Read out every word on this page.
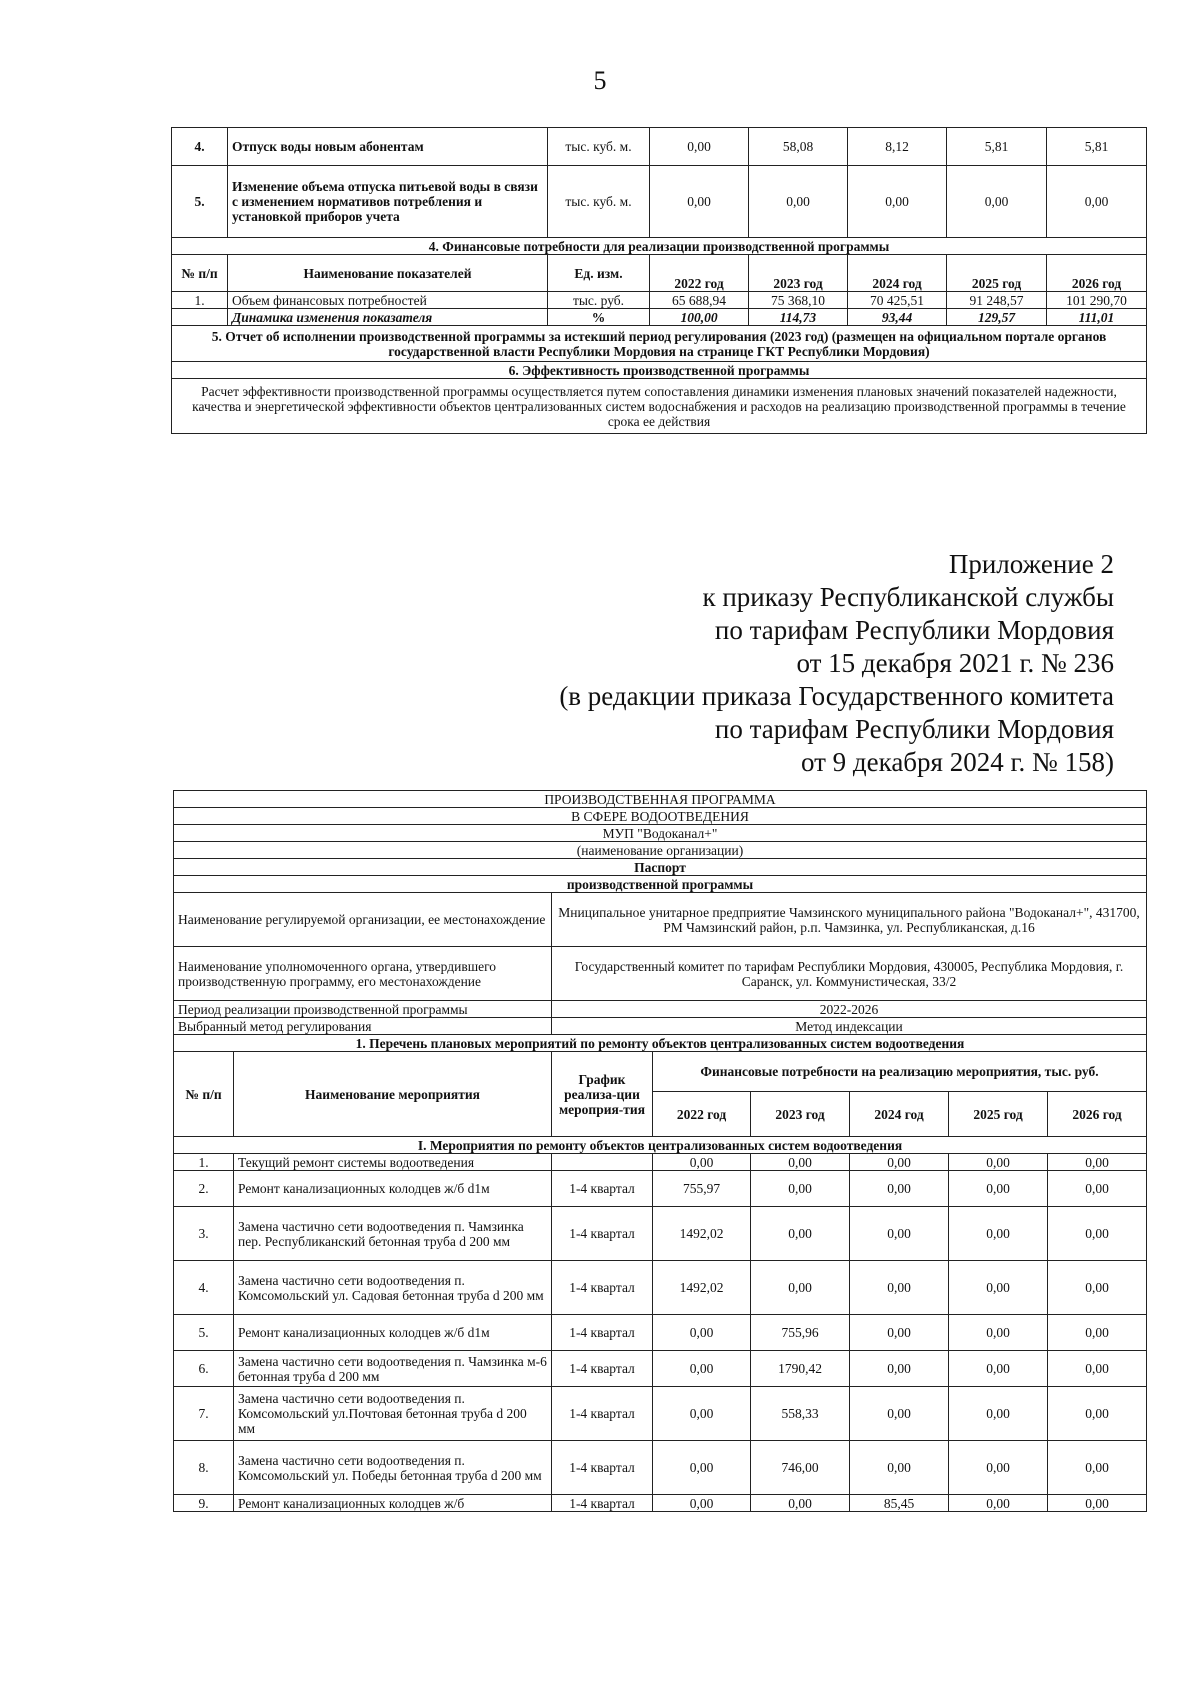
5
4.	Отпуск воды новым абонентам	тыс. куб. м.	0,00	58,08	8,12	5,81	5,81
5.	Изменение объема отпуска питьевой воды в связи с изменением нормативов потребления и установкой приборов учета	тыс. куб. м.	0,00	0,00	0,00	0,00	0,00
4. Финансовые потребности для реализации производственной программы							
№ п/п	Наименование показателей	Ед. изм.	2022 год	2023 год	2024 год	2025 год	2026 год
1.	Объем финансовых потребностей	тыс. руб.	65 688,94	75 368,10	70 425,51	91 248,57	101 290,70
	Динамика изменения показателя	%	100,00	114,73	93,44	129,57	111,01
5. Отчет об исполнении производственной программы за истекший период регулирования (2023 год) (размещен на официальном портале органов государственной власти Республики Мордовия на странице ГКТ Республики Мордовия)							
6. Эффективность производственной программы							
Расчет эффективности производственной программы осуществляется путем сопоставления динамики изменения плановых значений показателей надежности, качества и энергетической эффективности объектов централизованных систем водоснабжения и расходов на реализацию производственной программы в течение срока ее действия							
Приложение 2
к приказу Республиканской службы
по тарифам Республики Мордовия
от 15 декабря 2021 г. № 236
(в редакции приказа Государственного комитета
по тарифам Республики Мордовия
от 9 декабря 2024 г. № 158)
ПРОИЗВОДСТВЕННАЯ ПРОГРАММА							
В СФЕРЕ ВОДООТВЕДЕНИЯ							
МУП "Водоканал+"							
(наименование организации)							
Паспорт							
производственной программы							
Наименование регулируемой организации, ее местонахождение		Мниципальное унитарное предприятие Чамзинского муниципального района "Водоканал+", 431700, РМ Чамзинский район, р.п. Чамзинка, ул. Республиканская, д.16					
Наименование уполномоченного органа, утвердившего производственную программу, его местонахождение		Государственный комитет по тарифам Республики Мордовия, 430005, Республика Мордовия, г. Саранск, ул. Коммунистическая, 33/2					
Период реализации производственной программы		2022-2026					
Выбранный метод регулирования		Метод индексации					
1. Перечень плановых мероприятий по ремонту объектов централизованных систем водоотведения							
№ п/п	Наименование мероприятия	График реализа-ции мероприя-тия	Финансовые потребности на реализацию мероприятия, тыс. руб.				
			2022 год	2023 год	2024 год	2025 год	2026 год
I. Мероприятия по ремонту объектов централизованных систем водоотведения							
1.	Текущий ремонт системы водоотведения		0,00	0,00	0,00	0,00	0,00
2.	Ремонт канализационных колодцев ж/б d1м	1-4 квартал	755,97	0,00	0,00	0,00	0,00
3.	Замена частично сети водоотведения п. Чамзинка пер. Республиканский бетонная труба d 200 мм	1-4 квартал	1492,02	0,00	0,00	0,00	0,00
4.	Замена частично сети водоотведения п. Комсомольский ул. Садовая бетонная труба d 200 мм	1-4 квартал	1492,02	0,00	0,00	0,00	0,00
5.	Ремонт канализационных колодцев ж/б d1м	1-4 квартал	0,00	755,96	0,00	0,00	0,00
6.	Замена частично сети водоотведения п. Чамзинка м-6 бетонная труба d 200 мм	1-4 квартал	0,00	1790,42	0,00	0,00	0,00
7.	Замена частично сети водоотведения п. Комсомольский ул.Почтовая бетонная труба d 200 мм	1-4 квартал	0,00	558,33	0,00	0,00	0,00
8.	Замена частично сети водоотведения п. Комсомольский ул. Победы бетонная труба d 200 мм	1-4 квартал	0,00	746,00	0,00	0,00	0,00
9.	Ремонт канализационных колодцев ж/б	1-4 квартал	0,00	0,00	85,45	0,00	0,00
